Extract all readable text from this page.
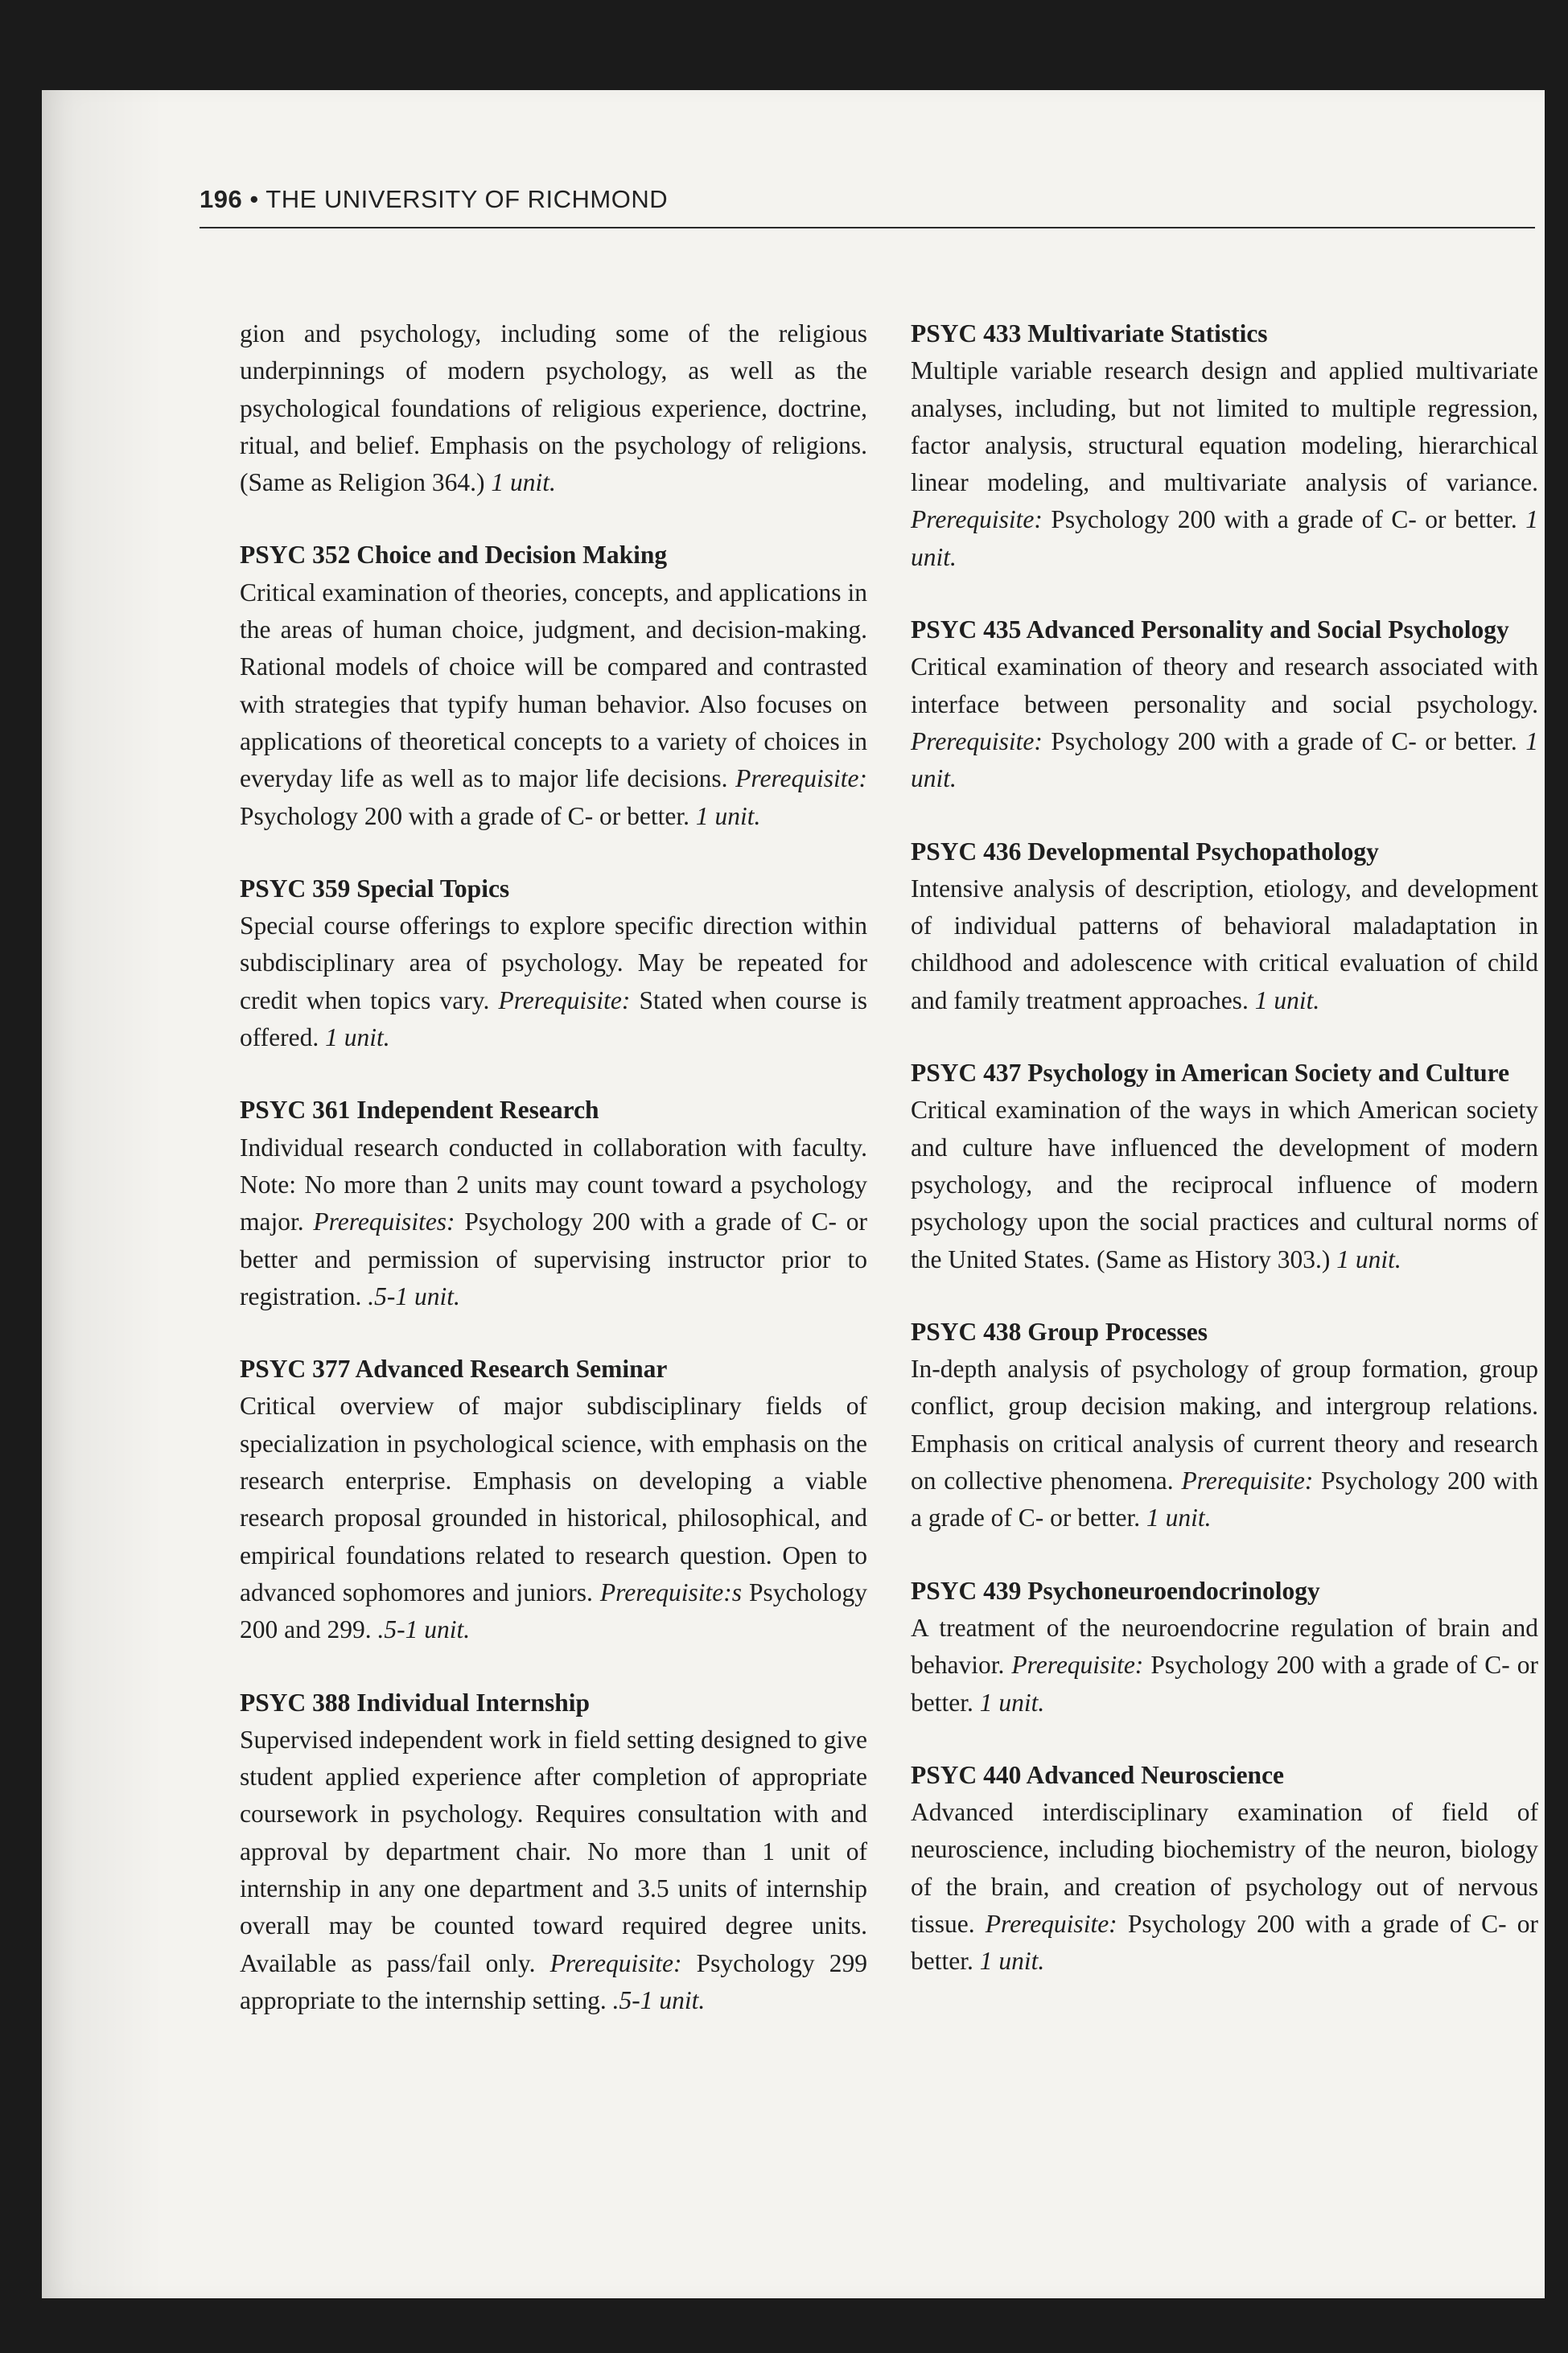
196 • THE UNIVERSITY OF RICHMOND
gion and psychology, including some of the religious underpinnings of modern psychology, as well as the psychological foundations of religious experience, doctrine, ritual, and belief. Emphasis on the psychology of religions. (Same as Religion 364.) 1 unit.
PSYC 352 Choice and Decision Making
Critical examination of theories, concepts, and applications in the areas of human choice, judgment, and decision-making. Rational models of choice will be compared and contrasted with strategies that typify human behavior. Also focuses on applications of theoretical concepts to a variety of choices in everyday life as well as to major life decisions. Prerequisite: Psychology 200 with a grade of C- or better. 1 unit.
PSYC 359 Special Topics
Special course offerings to explore specific direction within subdisciplinary area of psychology. May be repeated for credit when topics vary. Prerequisite: Stated when course is offered. 1 unit.
PSYC 361 Independent Research
Individual research conducted in collaboration with faculty. Note: No more than 2 units may count toward a psychology major. Prerequisites: Psychology 200 with a grade of C- or better and permission of supervising instructor prior to registration. .5-1 unit.
PSYC 377 Advanced Research Seminar
Critical overview of major subdisciplinary fields of specialization in psychological science, with emphasis on the research enterprise. Emphasis on developing a viable research proposal grounded in historical, philosophical, and empirical foundations related to research question. Open to advanced sophomores and juniors. Prerequisite:s Psychology 200 and 299. .5-1 unit.
PSYC 388 Individual Internship
Supervised independent work in field setting designed to give student applied experience after completion of appropriate coursework in psychology. Requires consultation with and approval by department chair. No more than 1 unit of internship in any one department and 3.5 units of internship overall may be counted toward required degree units. Available as pass/fail only. Prerequisite: Psychology 299 appropriate to the internship setting. .5-1 unit.
PSYC 433 Multivariate Statistics
Multiple variable research design and applied multivariate analyses, including, but not limited to multiple regression, factor analysis, structural equation modeling, hierarchical linear modeling, and multivariate analysis of variance. Prerequisite: Psychology 200 with a grade of C- or better. 1 unit.
PSYC 435 Advanced Personality and Social Psychology
Critical examination of theory and research associated with interface between personality and social psychology. Prerequisite: Psychology 200 with a grade of C- or better. 1 unit.
PSYC 436 Developmental Psychopathology
Intensive analysis of description, etiology, and development of individual patterns of behavioral maladaptation in childhood and adolescence with critical evaluation of child and family treatment approaches. 1 unit.
PSYC 437 Psychology in American Society and Culture
Critical examination of the ways in which American society and culture have influenced the development of modern psychology, and the reciprocal influence of modern psychology upon the social practices and cultural norms of the United States. (Same as History 303.) 1 unit.
PSYC 438 Group Processes
In-depth analysis of psychology of group formation, group conflict, group decision making, and intergroup relations. Emphasis on critical analysis of current theory and research on collective phenomena. Prerequisite: Psychology 200 with a grade of C- or better. 1 unit.
PSYC 439 Psychoneuroendocrinology
A treatment of the neuroendocrine regulation of brain and behavior. Prerequisite: Psychology 200 with a grade of C- or better. 1 unit.
PSYC 440 Advanced Neuroscience
Advanced interdisciplinary examination of field of neuroscience, including biochemistry of the neuron, biology of the brain, and creation of psychology out of nervous tissue. Prerequisite: Psychology 200 with a grade of C- or better. 1 unit.
